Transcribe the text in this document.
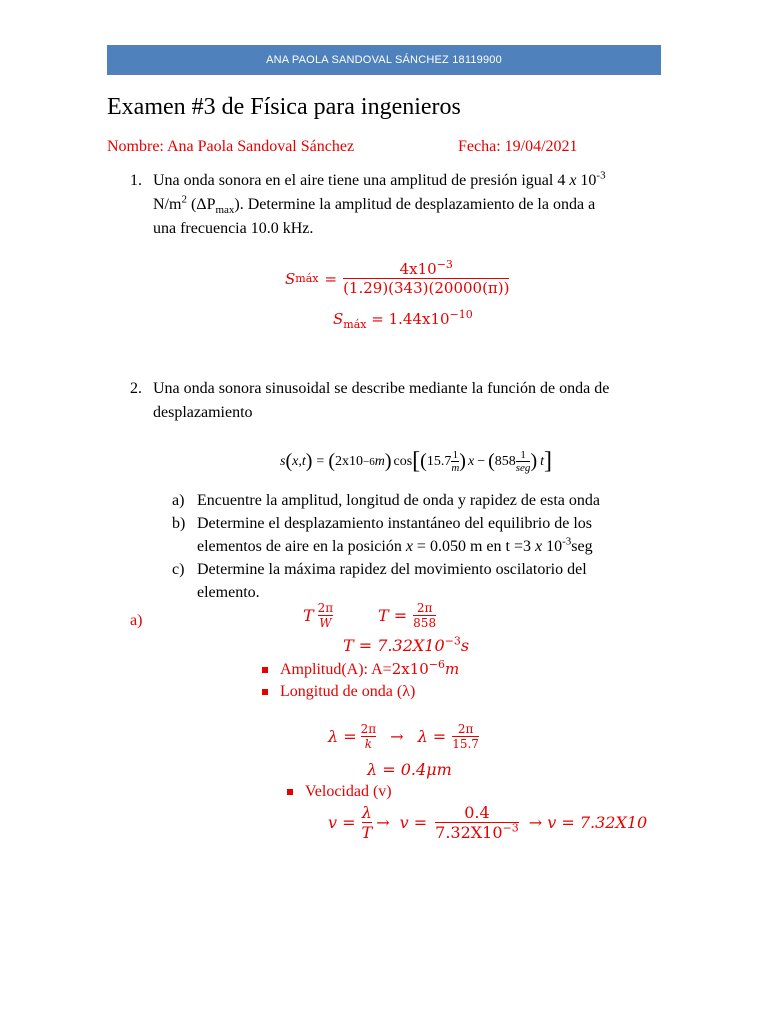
ANA PAOLA SANDOVAL SÁNCHEZ 18119900
Examen #3 de Física para ingenieros
Nombre: Ana Paola Sandoval Sánchez	Fecha: 19/04/2021
1. Una onda sonora en el aire tiene una amplitud de presión igual 4 x $10^{-3}$
$N/m^2$ $(\Delta P_{max})$. Determine la amplitud de desplazamiento de la onda a
una frecuencia 10.0 kHz.
S máx = $\frac{4x10^{-3}}{(1.29)(343)(20000(\pi))}$
$S_{máx} = 1.44x10^{-10}$
2. Una onda sonora sinusoidal se describe mediante la función de onda de
desplazamiento
s ( x,t ) = ( 2x10 −6 m ) cos [ ( $15.7 \frac{1}{m}$ ) x − ( $858 \frac{1}{\text{seg}}$ ) t ]
a) Encuentre la amplitud, longitud de onda y rapidez de esta onda
b) Determine el desplazamiento instantáneo del equilibrio de los
elementos de aire en la posición x = 0.050 m en t =3 x $10^{-3}seg$
c) Determine la máxima rapidez del movimiento oscilatorio del
elemento.
a)	T $\frac{2\pi}{W}$	$T = \frac{2\pi}{858}$
$T = 7.32X10^{-3}s$
Amplitud(A): $A=2x10^{-6}m$
Longitud de onda (λ)
$\lambda = \frac{2\pi}{k} \to \lambda = \frac{2\pi}{15.7}$
λ = 0.4μm
Velocidad (v)
$v = \frac{\lambda}{T} \to v = \frac{0.4}{7.32X10^{-3}} \to v = 7.32X10$
